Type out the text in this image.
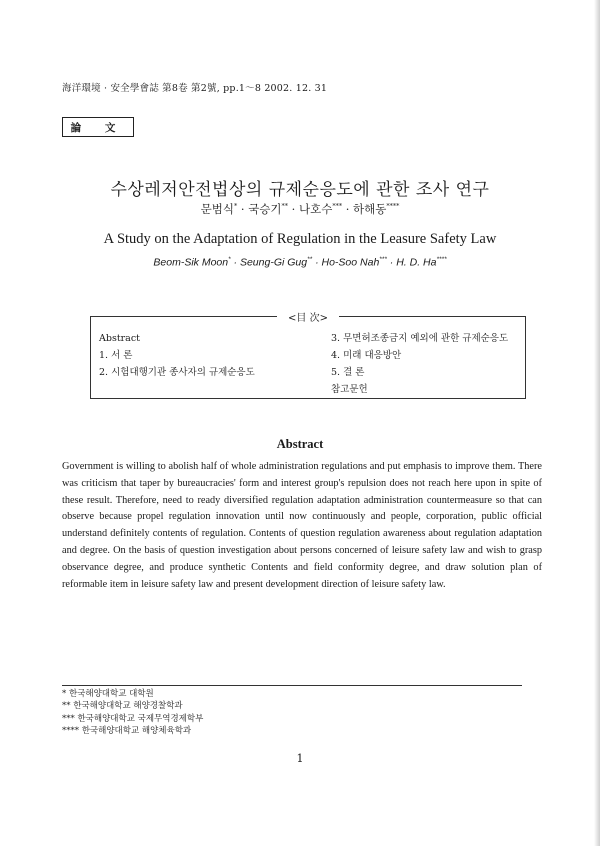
海洋環境 · 安全學會誌 第8卷 第2號, pp.1～8 2002. 12. 31
論 文
수상레저안전법상의 규제순응도에 관한 조사 연구
문범식* · 국승기** · 나호수*** · 하해동****
A Study on the Adaptation of Regulation in the Leasure Safety Law
Beom-Sik Moon* · Seung-Gi Gug** · Ho-Soo Nah*** · H. D. Ha****
<目 次>
Abstract
1. 서 론
2. 시험대행기관 종사자의 규제순응도
3. 무면허조종금지 예외에 관한 규제순응도
4. 미래 대응방안
5. 결 론
참고문헌
Abstract
Government is willing to abolish half of whole administration regulations and put emphasis to improve them. There was criticism that taper by bureaucracies' form and interest group's repulsion does not reach here upon in spite of these result. Therefore, need to ready diversified regulation adaptation administration countermeasure so that can observe because propel regulation innovation until now continuously and people, corporation, public official understand definitely contents of regulation. Contents of question regulation awareness about regulation adaptation and degree. On the basis of question investigation about persons concerned of leisure safety law and wish to grasp observance degree, and produce synthetic Contents and field conformity degree, and draw solution plan of reformable item in leisure safety law and present development direction of leisure safety law.
* 한국해양대학교 대학원
** 한국해양대학교 해양경찰학과
*** 한국해양대학교 국제무역경제학부
**** 한국해양대학교 해양체육학과
1
